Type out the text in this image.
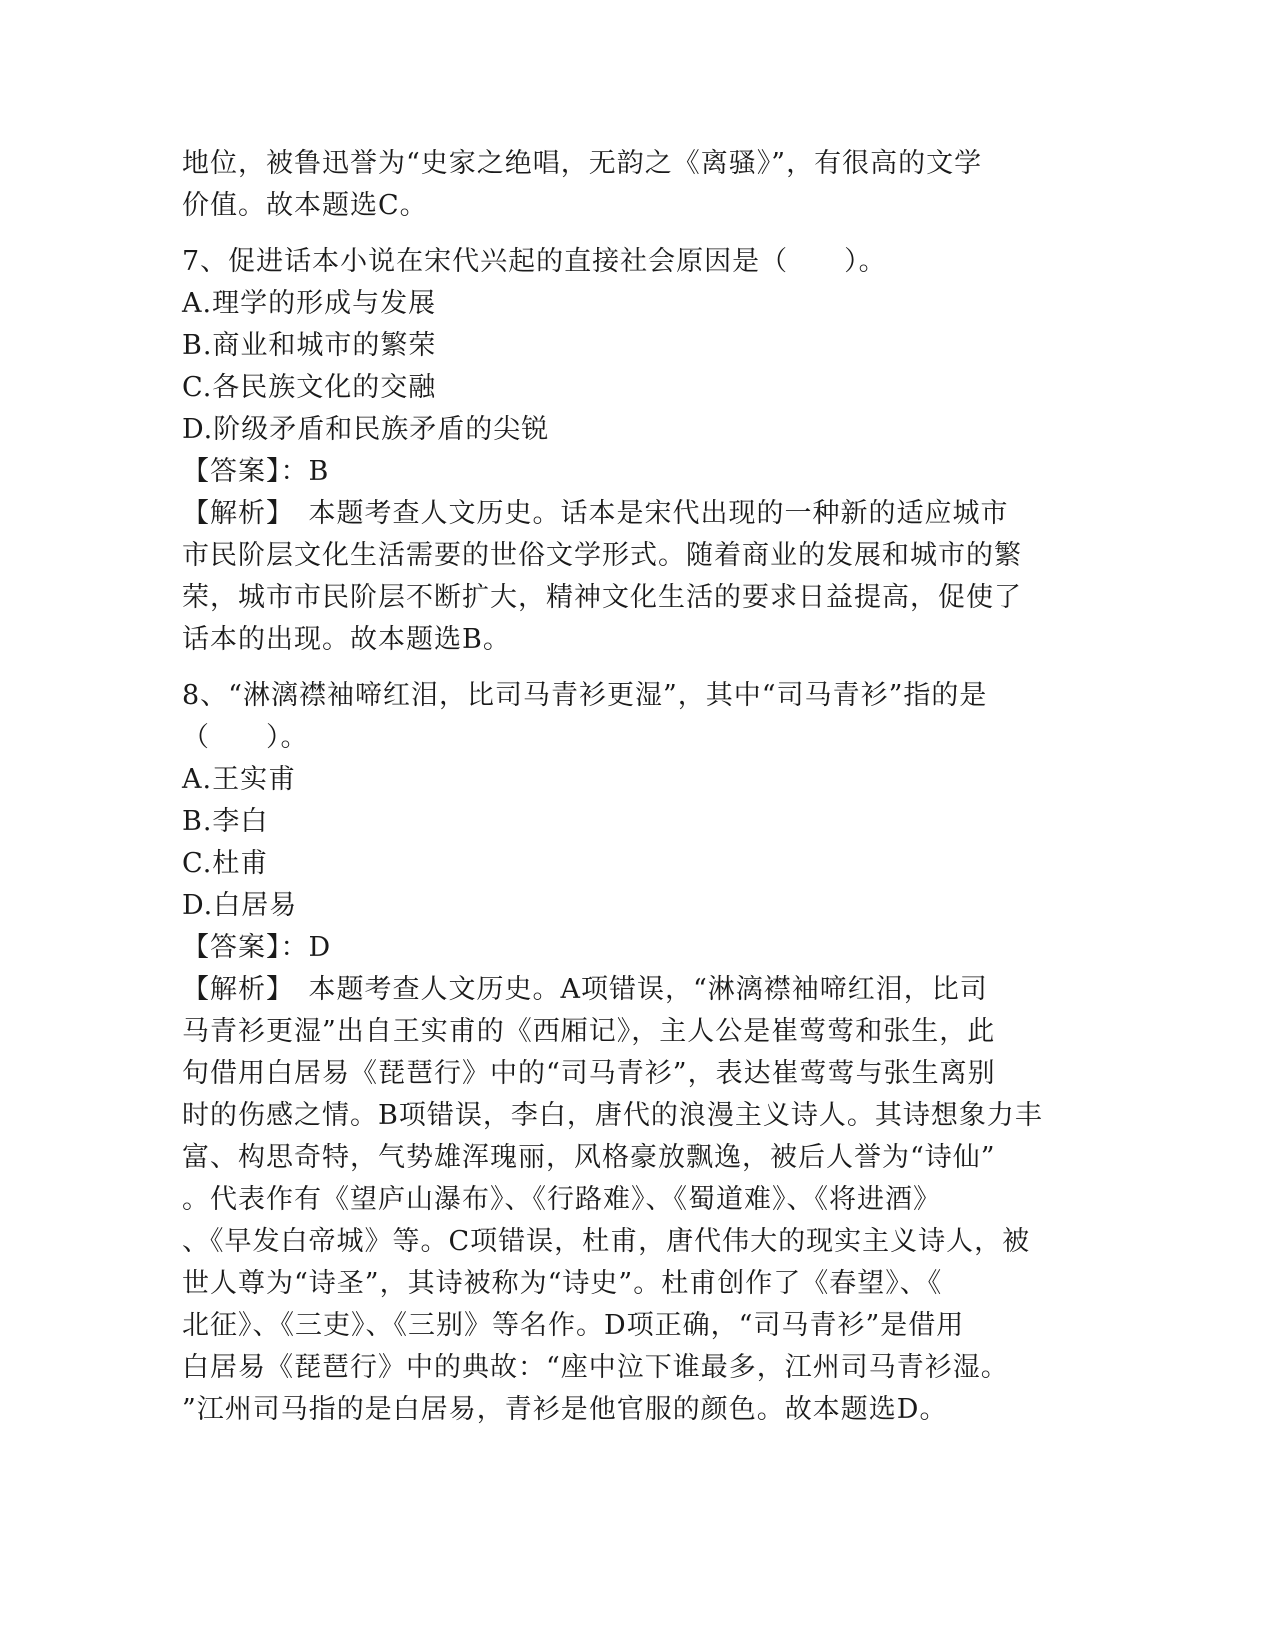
地位，被鲁迅誉为“史家之绝唱，无韵之《离骚》”，有很高的文学
价值。故本题选C。
7、促进话本小说在宋代兴起的直接社会原因是（　　）。
A.理学的形成与发展
B.商业和城市的繁荣
C.各民族文化的交融
D.阶级矛盾和民族矛盾的尖锐
【答案】：B
【解析】　本题考查人文历史。话本是宋代出现的一种新的适应城市
市民阶层文化生活需要的世俗文学形式。随着商业的发展和城市的繁
荣，城市市民阶层不断扩大，精神文化生活的要求日益提高，促使了
话本的出现。故本题选B。
8、“淋漓襟袖啼红泪，比司马青衫更湿”，其中“司马青衫”指的是
（　　）。
A.王实甫
B.李白
C.杜甫
D.白居易
【答案】：D
【解析】　本题考查人文历史。A项错误，“淋漓襟袖啼红泪，比司
马青衫更湿”出自王实甫的《西厢记》，主人公是崔莺莺和张生，此
句借用白居易《琵琶行》中的“司马青衫”，表达崔莺莺与张生离别
时的伤感之情。B项错误，李白，唐代的浪漫主义诗人。其诗想象力丰
富、构思奇特，气势雄浑瑰丽，风格豪放飘逸，被后人誉为“诗仙”
。代表作有《望庐山瀑布》、《行路难》、《蜀道难》、《将进酒》
、《早发白帝城》等。C项错误，杜甫，唐代伟大的现实主义诗人，被
世人尊为“诗圣”，其诗被称为“诗史”。杜甫创作了《春望》、《
北征》、《三吏》、《三别》等名作。D项正确，“司马青衫”是借用
白居易《琵琶行》中的典故：“座中泣下谁最多，江州司马青衫湿。
”江州司马指的是白居易，青衫是他官服的颜色。故本题选D。
